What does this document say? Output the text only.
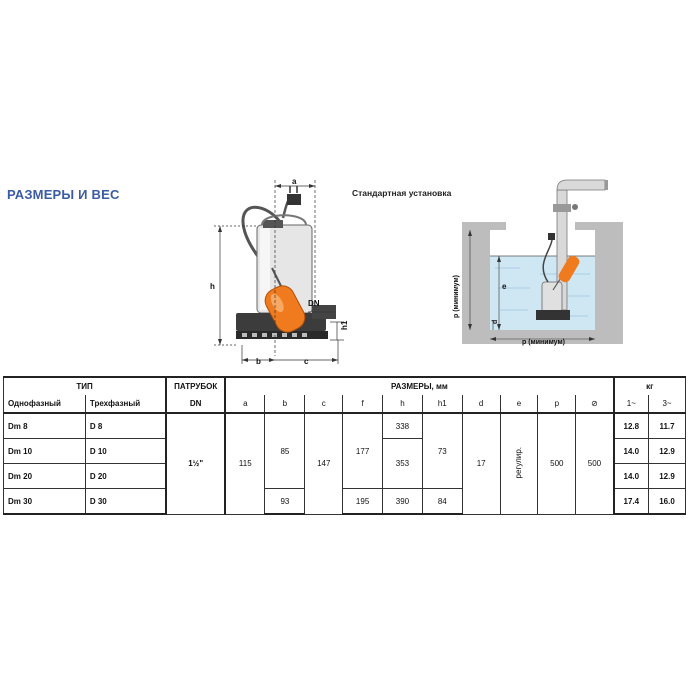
РАЗМЕРЫ И ВЕС	Стандартная установка
a
h
b	c
DN
h1
e
d
p (минимум)
p (минимум)
ТИП		ПАТРУБОК	РАЗМЕРЫ, мм										кг	
Однофазный	Трехфазный	DN	a	b	c	f	h	h1	d	e	p	⊘	1~	3~
Dm 8	D 8	1½"	115	85	147	177	338	73	17	регулир.	500	500	12.8	11.7
Dm 10	D 10						353						14.0	12.9
Dm 20	D 20												14.0	12.9
Dm 30	D 30			93		195	390	84					17.4	16.0
